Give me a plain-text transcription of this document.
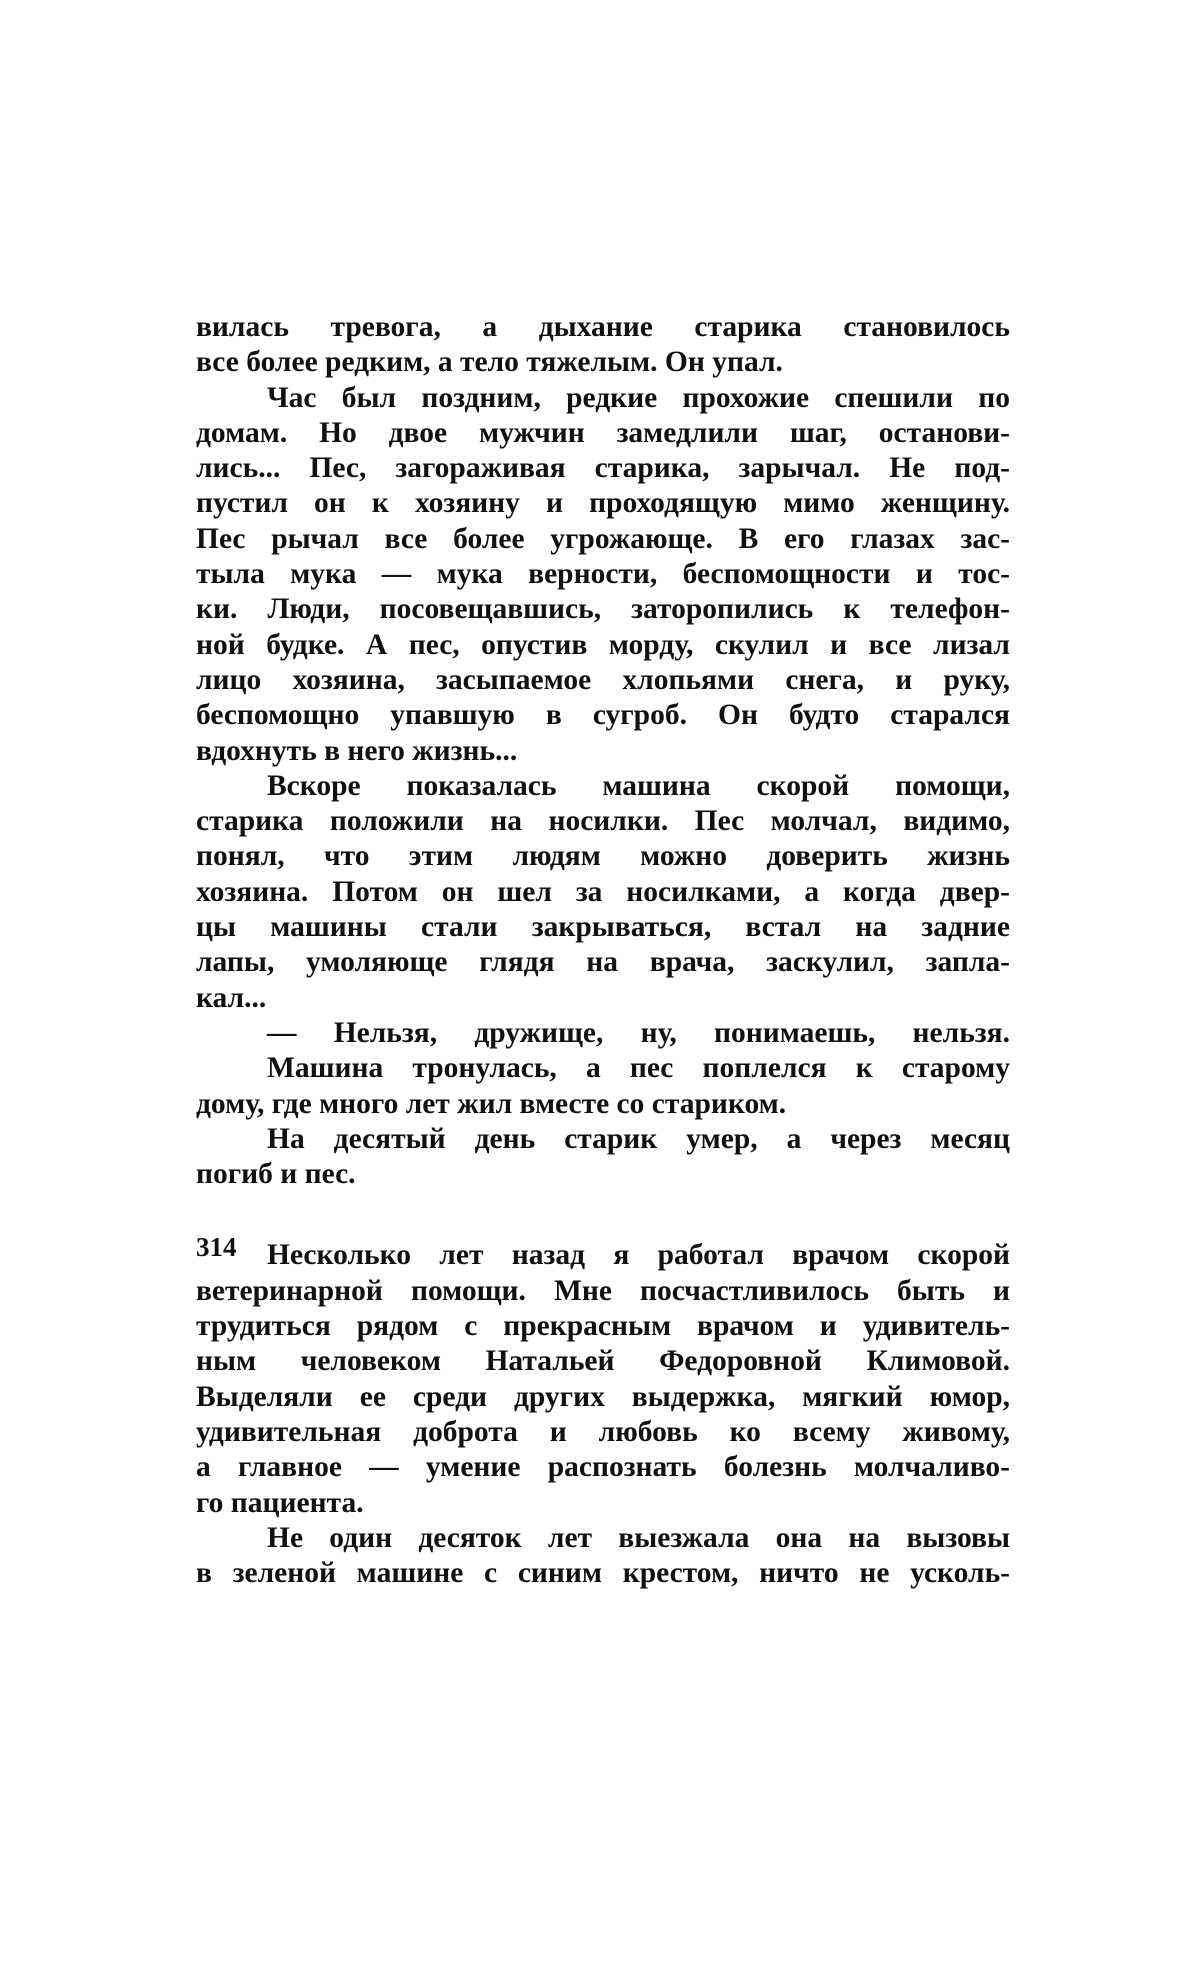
вилась тревога, а дыхание старика становилось
все более редким, а тело тяжелым. Он упал.
Час был поздним, редкие прохожие спешили по
домам. Но двое мужчин замедлили шаг, останови-
лись... Пес, загораживая старика, зарычал. Не под-
пустил он к хозяину и проходящую мимо женщину.
Пес рычал все более угрожающе. В его глазах зас-
тыла мука — мука верности, беспомощности и тос-
ки. Люди, посовещавшись, заторопились к телефон-
ной будке. А пес, опустив морду, скулил и все лизал
лицо хозяина, засыпаемое хлопьями снега, и руку,
беспомощно упавшую в сугроб. Он будто старался
вдохнуть в него жизнь...
Вскоре показалась машина скорой помощи,
старика положили на носилки. Пес молчал, видимо,
понял, что этим людям можно доверить жизнь
хозяина. Потом он шел за носилками, а когда двер-
цы машины стали закрываться, встал на задние
лапы, умоляюще глядя на врача, заскулил, запла-
кал...
— Нельзя, дружище, ну, понимаешь, нельзя.
Машина тронулась, а пес поплелся к старому
дому, где много лет жил вместе со стариком.
На десятый день старик умер, а через месяц
погиб и пес.
Несколько лет назад я работал врачом скорой
ветеринарной помощи. Мне посчастливилось быть и
трудиться рядом с прекрасным врачом и удивитель-
ным человеком Натальей Федоровной Климовой.
Выделяли ее среди других выдержка, мягкий юмор,
удивительная доброта и любовь ко всему живому,
а главное — умение распознать болезнь молчаливо-
го пациента.
Не один десяток лет выезжала она на вызовы
в зеленой машине с синим крестом, ничто не усколь-
314
